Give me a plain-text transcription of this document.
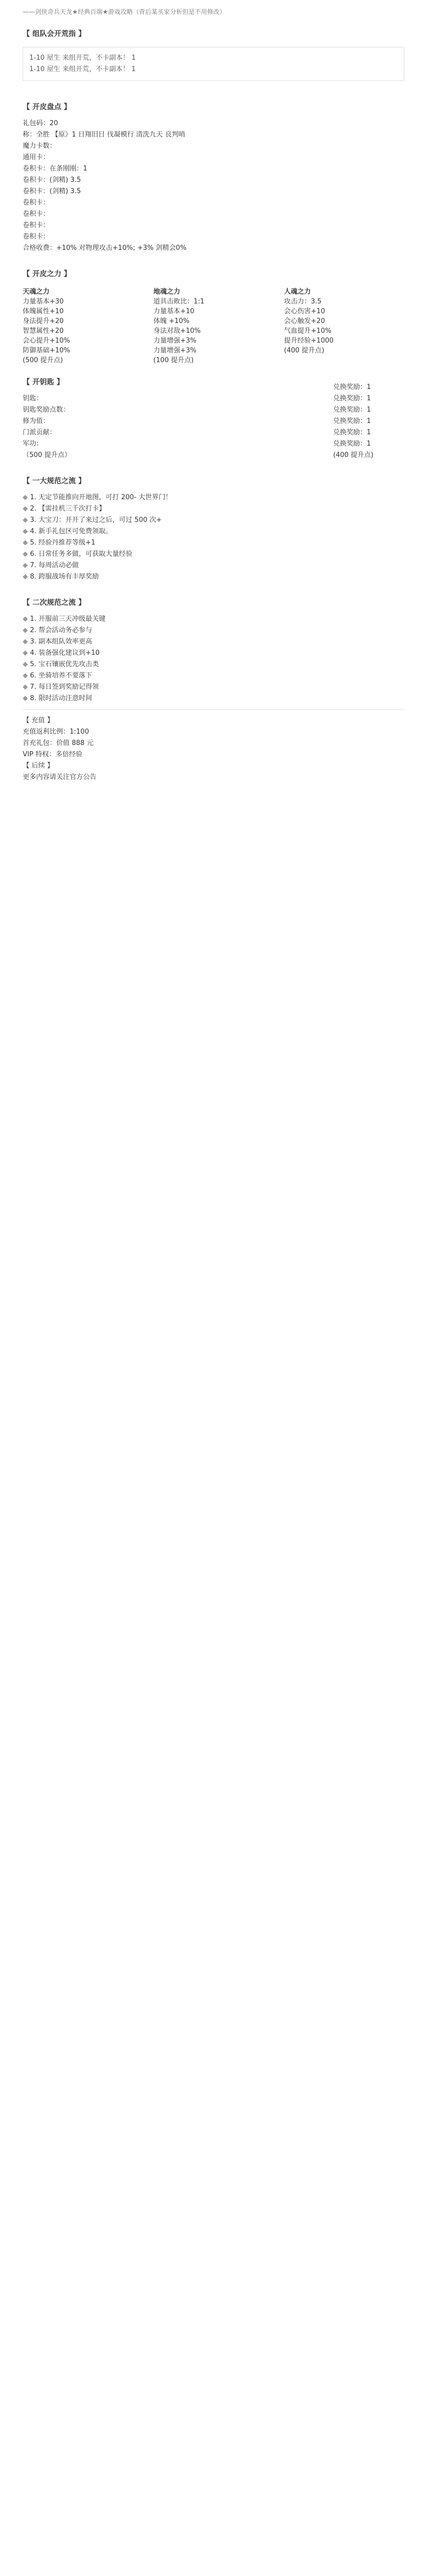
——剑侠奇兵天龙★经典百端★游戏攻略（背后某买家分析但是不用修改）
【 组队会开荒指 】
1-10 屋生 来组开荒，不卡副本！ 1
1-10 屋生 来组开荒，不卡副本！ 1
【 开皮盘点 】
礼包码：20
称：全胜 【原》1 日翔旧日 伐凝模行 清洗九天 良判哨
魔力卡数：
通用卡：
卷积卡：在条刚刚：1
卷积卡：(剑精) 3.5
卷积卡：(剑精) 3.5
卷积卡：
卷积卡：
卷积卡：
卷积卡：
合格收费：+10% 对物理攻击+10%; +3% 剑精会0%
【 开皮之力 】
天魂之力
力量基本+30
体魄属性+10
身法提升+20
智慧属性+20
会心提升+10%
防御基础+10%
(500 提升点)
地魂之力
道具击败比：1:1
力量基本+10
体魄 +10%
身法对敌+10%
力量增强+3%
力量增强+3%
(100 提升点)
人魂之力
攻击力：3.5
会心伤害+10
会心触发+20
气血提升+10%
提升经验+1000
(400 提升点)
【 开钥匙 】
钥匙：
钥匙奖励点数：
修为值：
门派贡献：
军功：
（500 提升点）
兑换奖励：1
兑换奖励：1
兑换奖励：1
兑换奖励：1
兑换奖励：1
兑换奖励：1
(400 提升点)
【 一大规范之流 】
◆ 1. 无定节能推向开地图，可打 200- 大世界门！
◆ 2. 【需挂机三千次打卡】
◆ 3. 大宝刀：开开了来过之后，可过 500 次+
◆ 4. 新手礼包区可免费领取。
◆ 5. 经验丹推荐等级+1
◆ 6. 日常任务多做，可获取大量经验
◆ 7. 每周活动必做
◆ 8. 跨服战场有丰厚奖励
【 二次规范之流 】
◆ 1. 开服前三天冲级最关键
◆ 2. 帮会活动务必参与
◆ 3. 副本组队效率更高
◆ 4. 装备强化建议到+10
◆ 5. 宝石镶嵌优先攻击类
◆ 6. 坐骑培养不要落下
◆ 7. 每日签到奖励记得领
◆ 8. 限时活动注意时间
【 充值 】
充值返利比例：1:100
首充礼包：价值 888 元
VIP 特权：多倍经验
【 后续 】
更多内容请关注官方公告
